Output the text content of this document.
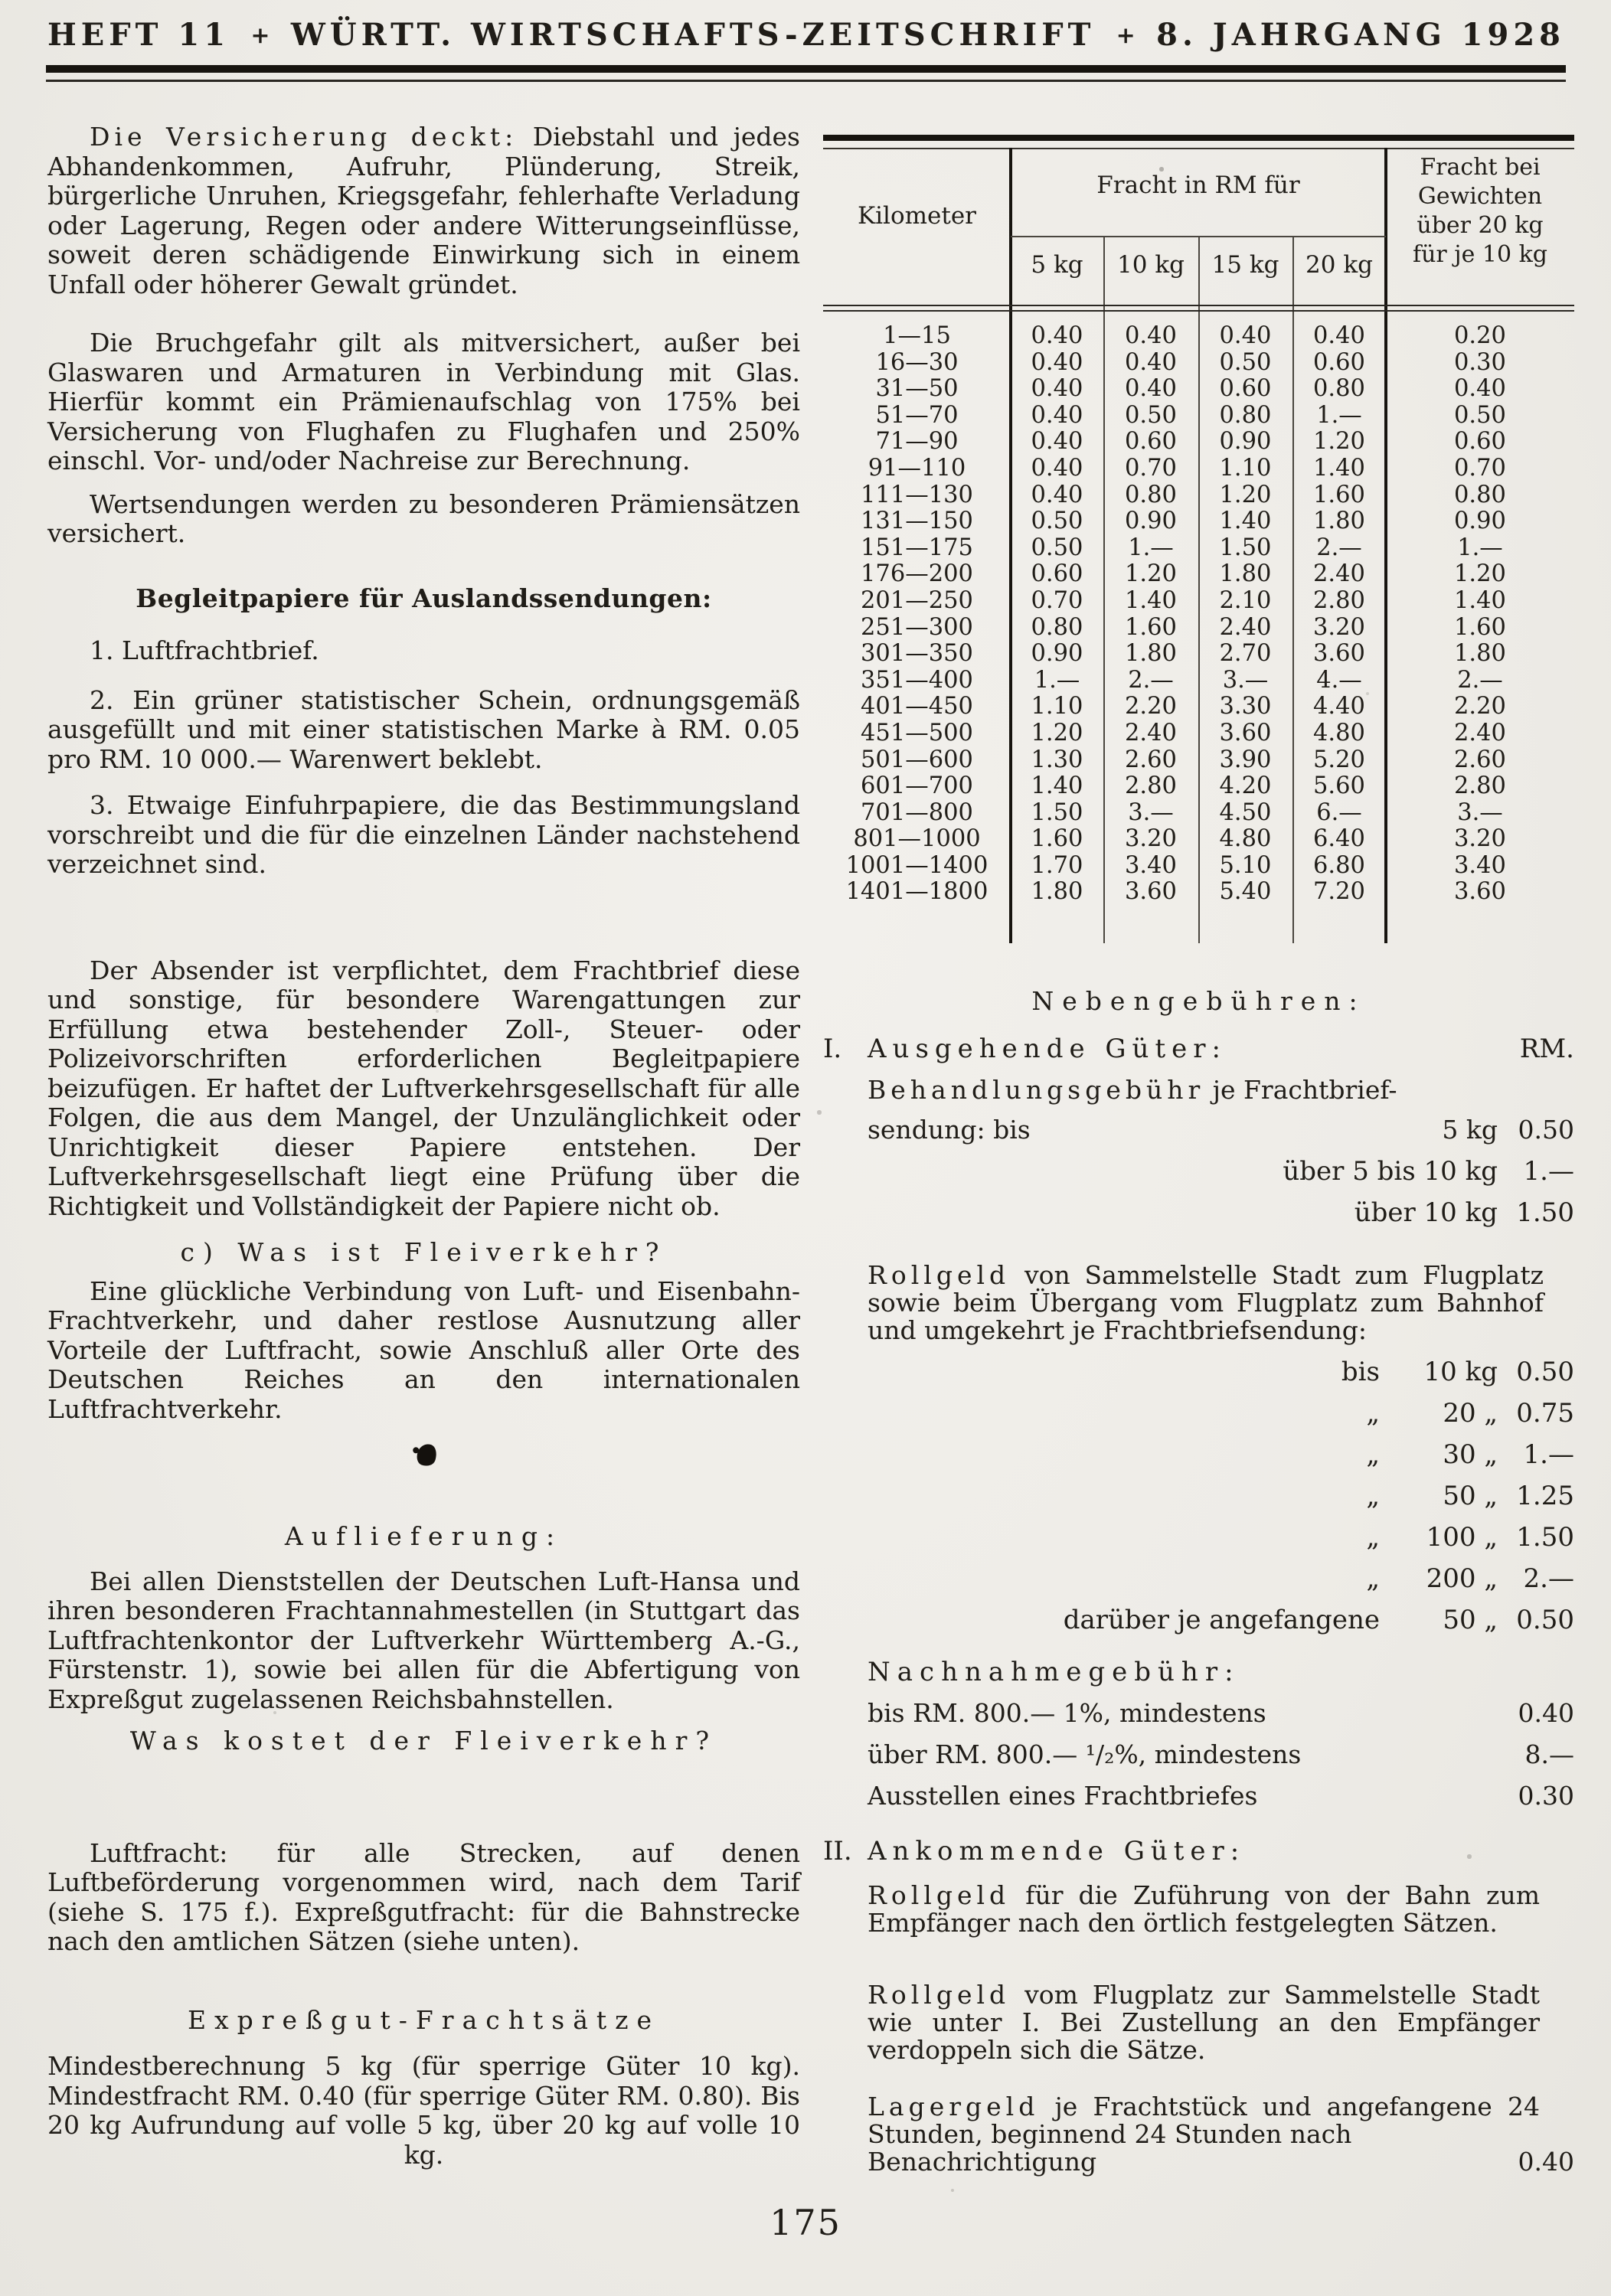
HEFT 11 + WÜRTT. WIRTSCHAFTS-ZEITSCHRIFT + 8. JAHRGANG 1928

Die Versicherung deckt: Diebstahl und jedes Abhandenkommen, Aufruhr, Plünderung, Streik, bürgerliche Unruhen, Kriegsgefahr, fehlerhafte Verladung oder Lagerung, Regen oder andere Witterungseinflüsse, soweit deren schädigende Einwirkung sich in einem Unfall oder höherer Gewalt gründet.

Die Bruchgefahr gilt als mitversichert, außer bei Glaswaren und Armaturen in Verbindung mit Glas. Hierfür kommt ein Prämienaufschlag von 175% bei Versicherung von Flughafen zu Flughafen und 250% einschl. Vor- und/oder Nachreise zur Berechnung.

Wertsendungen werden zu besonderen Prämiensätzen versichert.

Begleitpapiere für Auslandssendungen:

1. Luftfrachtbrief.

2. Ein grüner statistischer Schein, ordnungsgemäß ausgefüllt und mit einer statistischen Marke à RM. 0.05 pro RM. 10 000.— Warenwert beklebt.

3. Etwaige Einfuhrpapiere, die das Bestimmungsland vorschreibt und die für die einzelnen Länder nachstehend verzeichnet sind.

Der Absender ist verpflichtet, dem Frachtbrief diese und sonstige, für besondere Warengattungen zur Erfüllung etwa bestehender Zoll-, Steuer- oder Polizeivorschriften erforderlichen Begleitpapiere beizufügen. Er haftet der Luftverkehrsgesellschaft für alle Folgen, die aus dem Mangel, der Unzulänglichkeit oder Unrichtigkeit dieser Papiere entstehen. Der Luftverkehrsgesellschaft liegt eine Prüfung über die Richtigkeit und Vollständigkeit der Papiere nicht ob.

c) Was ist Fleiverkehr?

Eine glückliche Verbindung von Luft- und Eisenbahn-Frachtverkehr, und daher restlose Ausnutzung aller Vorteile der Luftfracht, sowie Anschluß aller Orte des Deutschen Reiches an den internationalen Luftfrachtverkehr.

Auflieferung:

Bei allen Dienststellen der Deutschen Luft-Hansa und ihren besonderen Frachtannahmestellen (in Stuttgart das Luftfrachtenkontor der Luftverkehr Württemberg A.-G., Fürstenstr. 1), sowie bei allen für die Abfertigung von Expreßgut zugelassenen Reichsbahnstellen.

Was kostet der Fleiverkehr?

Luftfracht: für alle Strecken, auf denen Luftbeförderung vorgenommen wird, nach dem Tarif (siehe S. 175 f.). Expreßgutfracht: für die Bahnstrecke nach den amtlichen Sätzen (siehe unten).

Expreßgut-Frachtsätze

Mindestberechnung 5 kg (für sperrige Güter 10 kg). Mindestfracht RM. 0.40 (für sperrige Güter RM. 0.80). Bis 20 kg Aufrundung auf volle 5 kg, über 20 kg auf volle 10 kg.

Kilometer
Fracht in RM für
5 kg	10 kg	15 kg	20 kg
Fracht bei
Gewichten
über 20 kg
für je 10 kg
1—15	0.40	0.40	0.40	0.40	0.20
16—30	0.40	0.40	0.50	0.60	0.30
31—50	0.40	0.40	0.60	0.80	0.40
51—70	0.40	0.50	0.80	1.—	0.50
71—90	0.40	0.60	0.90	1.20	0.60
91—110	0.40	0.70	1.10	1.40	0.70
111—130	0.40	0.80	1.20	1.60	0.80
131—150	0.50	0.90	1.40	1.80	0.90
151—175	0.50	1.—	1.50	2.—	1.—
176—200	0.60	1.20	1.80	2.40	1.20
201—250	0.70	1.40	2.10	2.80	1.40
251—300	0.80	1.60	2.40	3.20	1.60
301—350	0.90	1.80	2.70	3.60	1.80
351—400	1.—	2.—	3.—	4.—	2.—
401—450	1.10	2.20	3.30	4.40	2.20
451—500	1.20	2.40	3.60	4.80	2.40
501—600	1.30	2.60	3.90	5.20	2.60
601—700	1.40	2.80	4.20	5.60	2.80
701—800	1.50	3.—	4.50	6.—	3.—
801—1000	1.60	3.20	4.80	6.40	3.20
1001—1400	1.70	3.40	5.10	6.80	3.40
1401—1800	1.80	3.60	5.40	7.20	3.60

Nebengebühren:

I. Ausgehende Güter:	RM.
Behandlungsgebühr je Frachtbrief-
sendung: bis	5 kg 0.50
über 5 bis 10 kg 1.—
über 10 kg 1.50

Rollgeld von Sammelstelle Stadt zum Flugplatz sowie beim Übergang vom Flugplatz zum Bahnhof und umgekehrt je Frachtbriefsendung:

bis	10 kg 0.50
„	20 „ 0.75
„	30 „ 1.—
„	50 „ 1.25
„	100 „ 1.50
„	200 „ 2.—
darüber je angefangene	50 „ 0.50

Nachnahmegebühr:

bis RM. 800.— 1%, mindestens	0.40
über RM. 800.— ¹/₂%, mindestens	8.—
Ausstellen eines Frachtbriefes	0.30
II. Ankommende Güter:

Rollgeld für die Zuführung von der Bahn zum Empfänger nach den örtlich festgelegten Sätzen.

Rollgeld vom Flugplatz zur Sammelstelle Stadt wie unter I. Bei Zustellung an den Empfänger verdoppeln sich die Sätze.

Lagergeld je Frachtstück und angefangene 24 Stunden, beginnend 24 Stunden nach

Benachrichtigung	0.40
175
